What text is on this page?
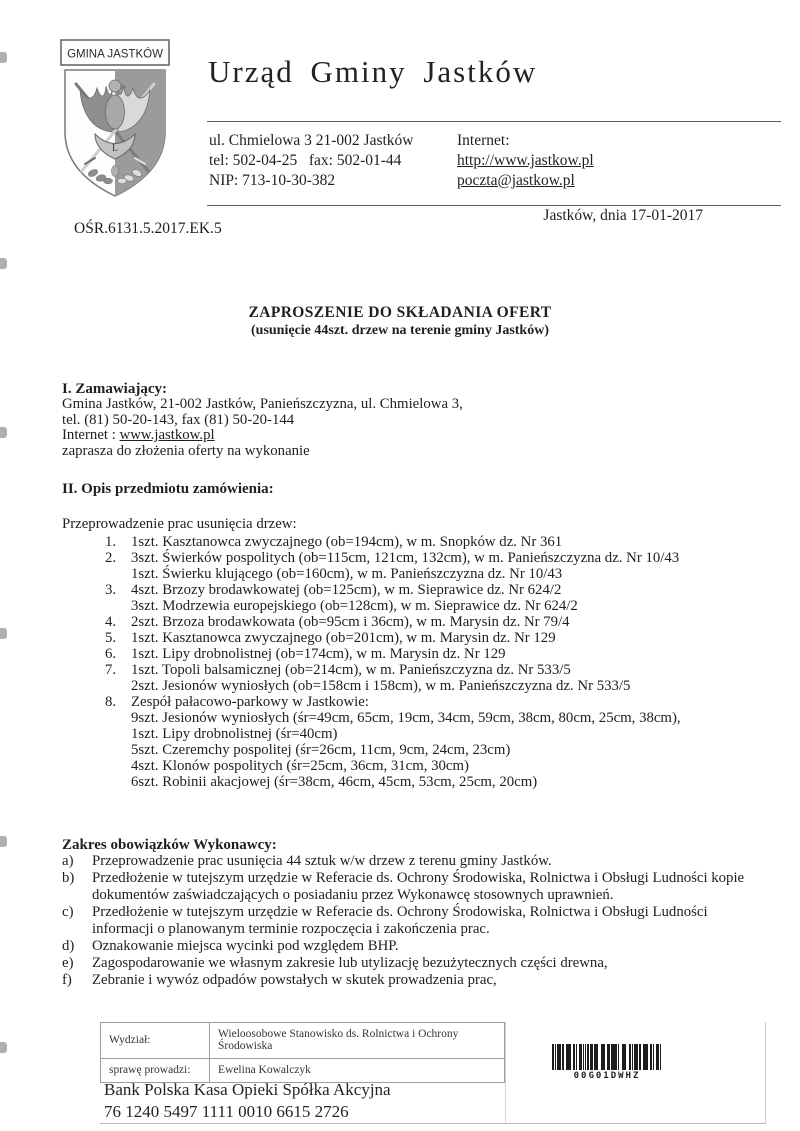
L
GMINA JASTKÓW Urząd Gminy Jastków
ul. Chmielowa 3 21-002 Jastków
tel: 502-04-25   fax: 502-01-44
NIP: 713-10-30-382
Internet:
http://www.jastkow.pl
poczta@jastkow.pl
Jastków, dnia 17-01-2017
OŚR.6131.5.2017.EK.5
ZAPROSZENIE DO SKŁADANIA OFERT
(usunięcie 44szt. drzew na terenie gminy Jastków)
I. Zamawiający:
Gmina Jastków, 21-002 Jastków, Panieńszczyzna, ul. Chmielowa 3,
tel. (81) 50-20-143, fax (81) 50-20-144
Internet : www.jastkow.pl
zaprasza do złożenia oferty na wykonanie
II. Opis przedmiotu zamówienia:
Przeprowadzenie prac usunięcia drzew:
1.	1szt. Kasztanowca zwyczajnego (ob=194cm), w m. Snopków dz. Nr 361
2.	3szt. Świerków pospolitych (ob=115cm, 121cm, 132cm), w m. Panieńszczyzna dz. Nr 10/43
1szt. Świerku klującego (ob=160cm), w m. Panieńszczyzna dz. Nr 10/43
3.	4szt. Brzozy brodawkowatej (ob=125cm), w m. Sieprawice dz. Nr 624/2
3szt. Modrzewia europejskiego (ob=128cm), w m. Sieprawice dz. Nr 624/2
4.	2szt. Brzoza brodawkowata (ob=95cm i 36cm), w m. Marysin dz. Nr 79/4
5.	1szt. Kasztanowca zwyczajnego (ob=201cm), w m. Marysin dz. Nr 129
6.	1szt. Lipy drobnolistnej (ob=174cm), w m. Marysin dz. Nr 129
7.	1szt. Topoli balsamicznej (ob=214cm), w m. Panieńszczyzna dz. Nr 533/5
2szt. Jesionów wyniosłych (ob=158cm i 158cm), w m. Panieńszczyzna dz. Nr 533/5
8.	Zespół pałacowo-parkowy w Jastkowie:
9szt. Jesionów wyniosłych (śr=49cm, 65cm, 19cm, 34cm, 59cm, 38cm, 80cm, 25cm, 38cm),
1szt. Lipy drobnolistnej (śr=40cm)
5szt. Czeremchy pospolitej (śr=26cm, 11cm, 9cm, 24cm, 23cm)
4szt. Klonów pospolitych (śr=25cm, 36cm, 31cm, 30cm)
6szt. Robinii akacjowej (śr=38cm, 46cm, 45cm, 53cm, 25cm, 20cm)
Zakres obowiązków Wykonawcy:
a)	Przeprowadzenie prac usunięcia 44 sztuk w/w drzew z terenu gminy Jastków.
b)	Przedłożenie w tutejszym urzędzie w Referacie ds. Ochrony Środowiska, Rolnictwa i Obsługi Ludności kopie dokumentów zaświadczających o posiadaniu przez Wykonawcę stosownych uprawnień.
c)	Przedłożenie w tutejszym urzędzie w Referacie ds. Ochrony Środowiska, Rolnictwa i Obsługi Ludności informacji o planowanym terminie rozpoczęcia i zakończenia prac.
d)	Oznakowanie miejsca wycinki pod względem BHP.
e)	Zagospodarowanie we własnym zakresie lub utylizację bezużytecznych części drewna,
f)	Zebranie i wywóz odpadów powstałych w skutek prowadzenia prac,
Wydział:	Wieloosobowe Stanowisko ds. Rolnictwa i Ochrony Środowiska
sprawę prowadzi:	Ewelina Kowalczyk
Bank Polska Kasa Opieki Spółka Akcyjna
76 1240 5497 1111 0010 6615 2726
00G01DWHZ
